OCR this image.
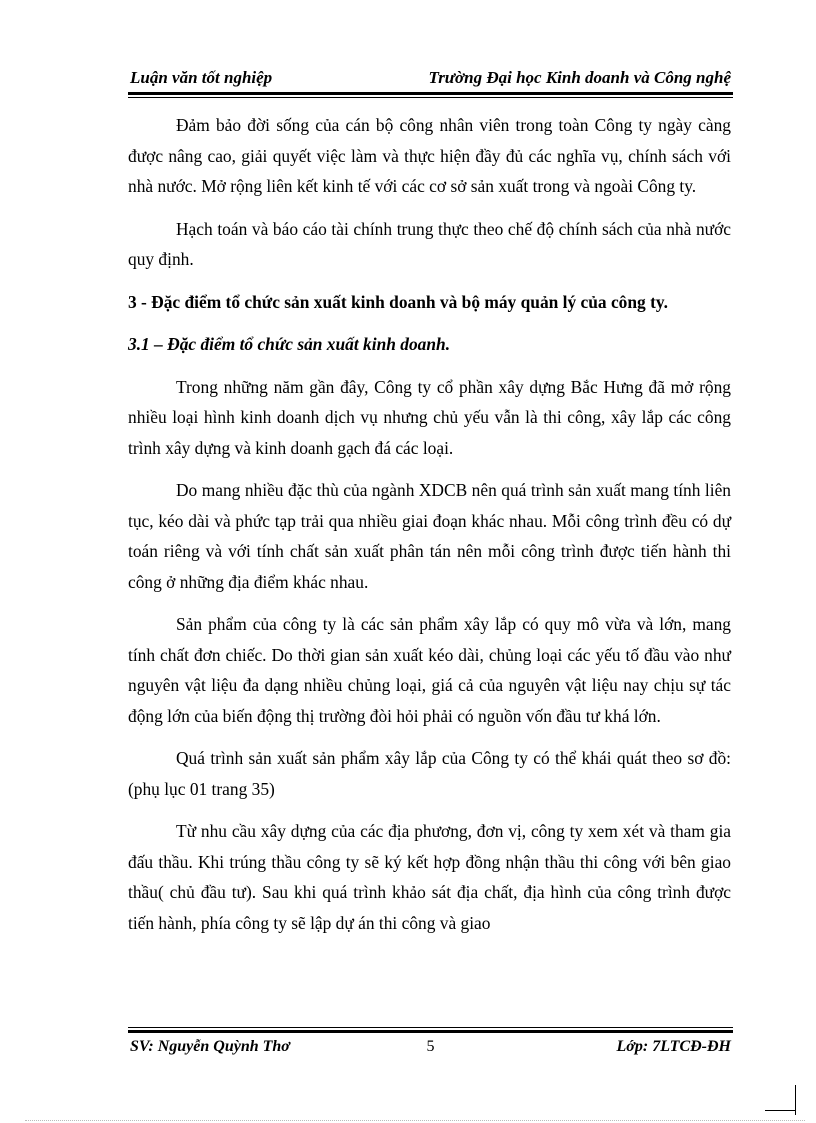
Luận văn tốt nghiệp	Trường Đại học Kinh doanh và Công nghệ

Đảm bảo đời sống của cán bộ công nhân viên trong toàn Công ty ngày càng được nâng cao, giải quyết việc làm và thực hiện đầy đủ các nghĩa vụ, chính sách với nhà nước. Mở rộng liên kết kinh tế với các cơ sở sản xuất trong và ngoài Công ty.

Hạch toán và báo cáo tài chính trung thực theo chế độ chính sách của nhà nước quy định.

3 - Đặc điểm tổ chức sản xuất kinh doanh và bộ máy quản lý của công ty.

3.1 – Đặc điểm tổ chức sản xuất kinh doanh.

Trong những năm gần đây, Công ty cổ phần xây dựng Bắc Hưng đã mở rộng nhiều loại hình kinh doanh dịch vụ nhưng chủ yếu vẫn là thi công, xây lắp các công trình xây dựng và kinh doanh gạch đá các loại.

Do mang nhiều đặc thù của ngành XDCB nên quá trình sản xuất mang tính liên tục, kéo dài và phức tạp trải qua nhiều giai đoạn khác nhau. Mỗi công trình đều có dự toán riêng và với tính chất sản xuất phân tán nên mỗi công trình được tiến hành thi công ở những địa điểm khác nhau.

Sản phẩm của công ty là các sản phẩm xây lắp có quy mô vừa và lớn, mang tính chất đơn chiếc. Do thời gian sản xuất kéo dài, chủng loại các yếu tố đầu vào như nguyên vật liệu đa dạng nhiều chủng loại, giá cả của nguyên vật liệu nay chịu sự tác động lớn của biến động thị trường đòi hỏi phải có nguồn vốn đầu tư khá lớn.

Quá trình sản xuất sản phẩm xây lắp của Công ty có thể khái quát theo sơ đồ: (phụ lục 01 trang 35)

Từ nhu cầu xây dựng của các địa phương, đơn vị, công ty xem xét và tham gia đấu thầu. Khi trúng thầu công ty sẽ ký kết hợp đồng nhận thầu thi công với bên giao thầu( chủ đầu tư). Sau khi quá trình khảo sát địa chất, địa hình của công trình được tiến hành, phía công ty sẽ lập dự án thi công và giao

SV: Nguyễn Quỳnh Thơ	5	Lớp: 7LTCĐ-ĐH
